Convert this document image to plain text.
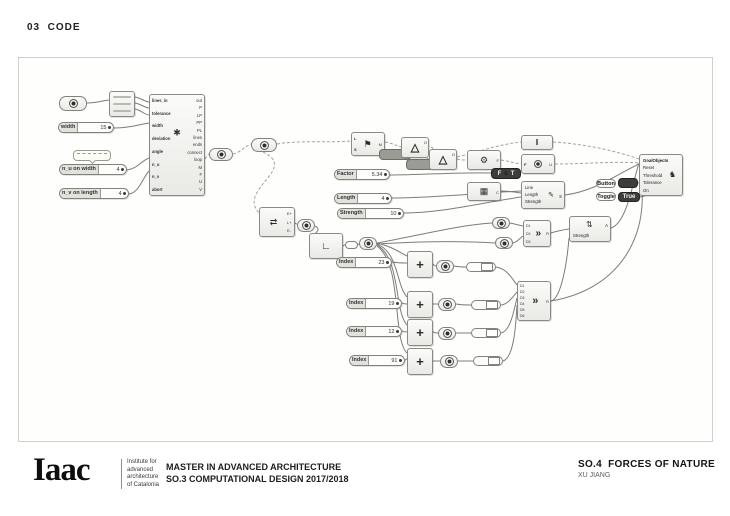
03  CODE
lines_in
tolerance
width
deviation
angle
n_u
n_v
abort
✱
out
P
LP
PP
PL
lines
ends
connect
loop
M
F
U
V
width	15
n_u on width	4
n_v on length	4
L
S
⚑	M	△ O
△ O
Factor	5.34
Length	4
Strength	10
⚙ F
‖
F	U
F ♞ T
▦ C
Line
Length ✎ S

Strength
GoalObjects
Reset
Threshold
Tolerance
On
♞
Button
Toggle True
⇄
E+
L+
E-
∟
Index	23 +
Index	19 +
Index	12 +
Index	91 +
D1
D2
D3
»	R
⇅	A
Strength
D1
D2
D3
D4
D5
D6
»	R
Iaac	Institute for
advanced
architecture
of Catalonia
MASTER IN ADVANCED ARCHITECTURE
SO.3 COMPUTATIONAL DESIGN 2017/2018
SO.4  FORCES OF NATURE
XU JIANG
